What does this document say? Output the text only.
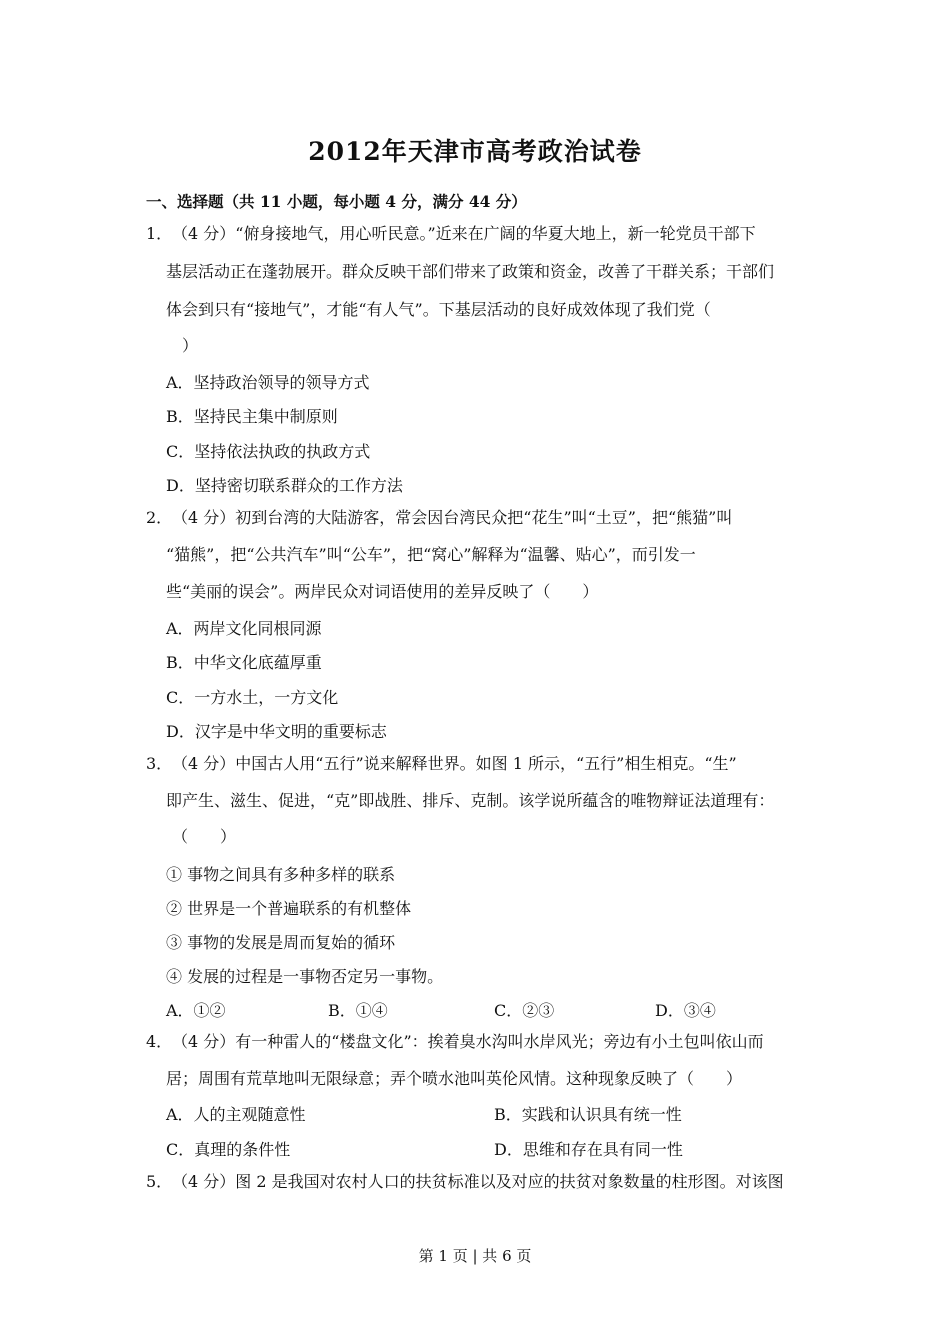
2012年天津市高考政治试卷
一、选择题（共 11 小题，每小题 4 分，满分 44 分）
1． （4 分）“俯身接地气，用心听民意。”近来在广阔的华夏大地上，新一轮党员干部下
基层活动正在蓬勃展开。群众反映干部们带来了政策和资金，改善了干群关系；干部们
体会到只有“接地气”，才能“有人气”。下基层活动的良好成效体现了我们党（
）
A．坚持政治领导的领导方式
B．坚持民主集中制原则
C．坚持依法执政的执政方式
D．坚持密切联系群众的工作方法
2． （4 分）初到台湾的大陆游客，常会因台湾民众把“花生”叫“土豆”，把“熊猫”叫
“猫熊”，把“公共汽车”叫“公车”，把“窝心”解释为“温馨、贴心”，而引发一
些“美丽的误会”。两岸民众对词语使用的差异反映了（　　）
A．两岸文化同根同源
B．中华文化底蕴厚重
C．一方水土，一方文化
D．汉字是中华文明的重要标志
3． （4 分）中国古人用“五行”说来解释世界。如图 1 所示，“五行”相生相克。“生”
即产生、滋生、促进，“克”即战胜、排斥、克制。该学说所蕴含的唯物辩证法道理有：
（　　）
① 事物之间具有多种多样的联系
② 世界是一个普遍联系的有机整体
③ 事物的发展是周而复始的循环
④ 发展的过程是一事物否定另一事物。
A．①②	B．①④	C．②③	D．③④
4． （4 分）有一种雷人的“楼盘文化”：挨着臭水沟叫水岸风光；旁边有小土包叫依山而
居；周围有荒草地叫无限绿意；弄个喷水池叫英伦风情。这种现象反映了（　　）
A．人的主观随意性	B．实践和认识具有统一性
C．真理的条件性	D．思维和存在具有同一性
5． （4 分）图 2 是我国对农村人口的扶贫标准以及对应的扶贫对象数量的柱形图。对该图
第 1 页 | 共 6 页
